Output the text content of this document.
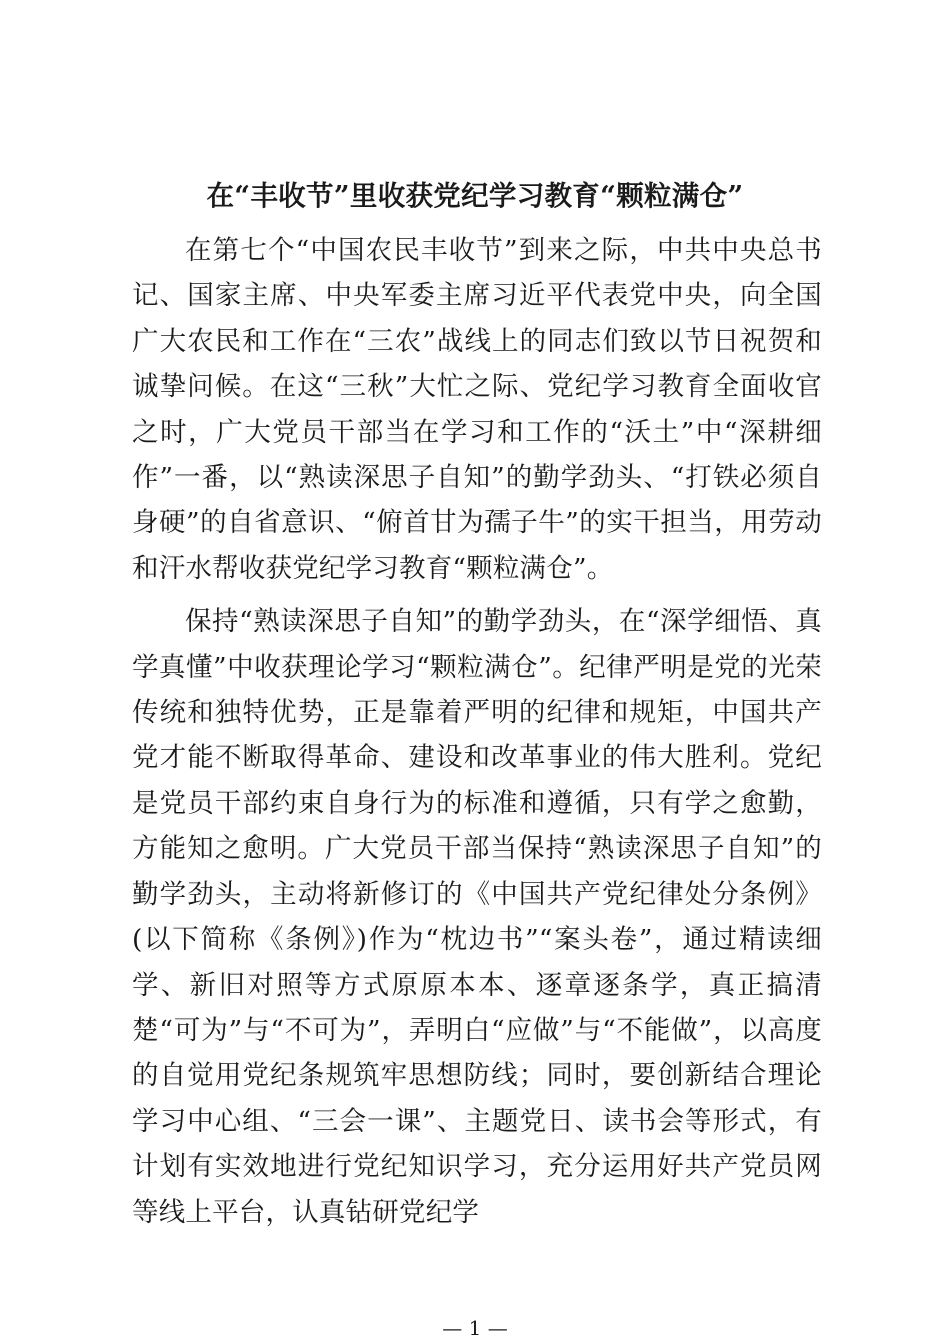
在“丰收节”里收获党纪学习教育“颗粒满仓”

在第七个“中国农民丰收节”到来之际，中共中央总书记、国家主席、中央军委主席习近平代表党中央，向全国广大农民和工作在“三农”战线上的同志们致以节日祝贺和诚挚问候。在这“三秋”大忙之际、党纪学习教育全面收官之时，广大党员干部当在学习和工作的“沃土”中“深耕细作”一番，以“熟读深思子自知”的勤学劲头、“打铁必须自身硬”的自省意识、“俯首甘为孺子牛”的实干担当，用劳动和汗水帮收获党纪学习教育“颗粒满仓”。

保持“熟读深思子自知”的勤学劲头，在“深学细悟、真学真懂”中收获理论学习“颗粒满仓”。纪律严明是党的光荣传统和独特优势，正是靠着严明的纪律和规矩，中国共产党才能不断取得革命、建设和改革事业的伟大胜利。党纪是党员干部约束自身行为的标准和遵循，只有学之愈勤，方能知之愈明。广大党员干部当保持“熟读深思子自知”的勤学劲头，主动将新修订的《中国共产党纪律处分条例》(以下简称《条例》)作为“枕边书”“案头卷”，通过精读细学、新旧对照等方式原原本本、逐章逐条学，真正搞清楚“可为”与“不可为”，弄明白“应做”与“不能做”，以高度的自觉用党纪条规筑牢思想防线；同时，要创新结合理论学习中心组、“三会一课”、主题党日、读书会等形式，有计划有实效地进行党纪知识学习，充分运用好共产党员网等线上平台，认真钻研党纪学

— 1 —
